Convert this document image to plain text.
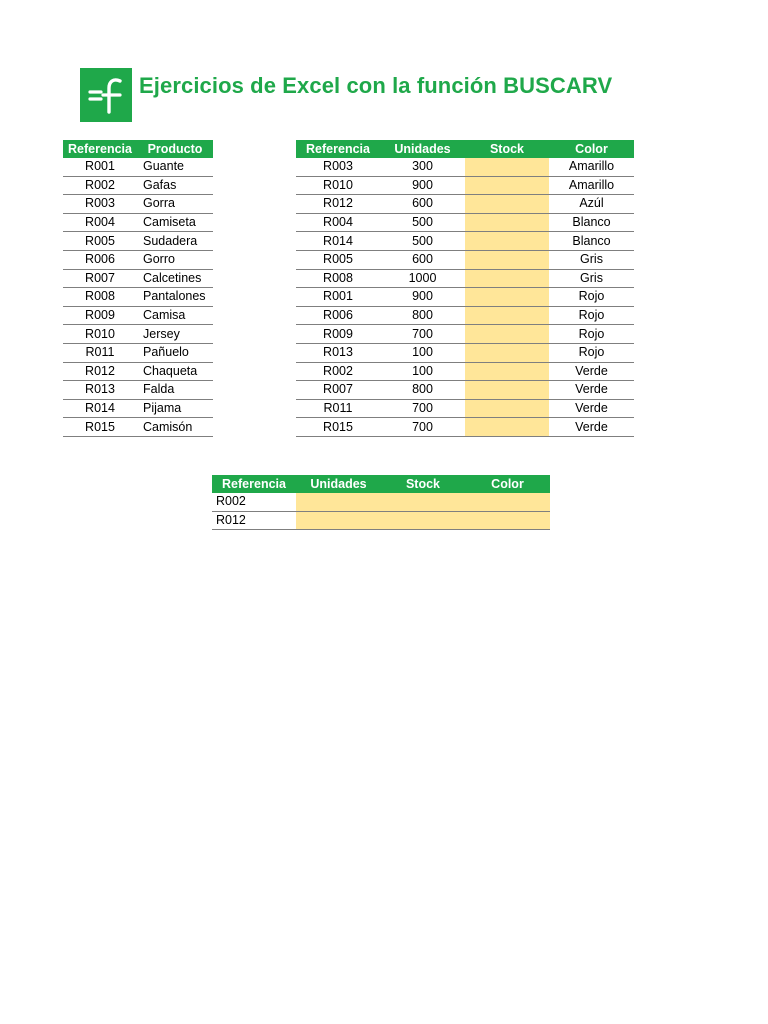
Ejercicios de Excel con la función BUSCARV
Referencia	Producto
R001	Guante
R002	Gafas
R003	Gorra
R004	Camiseta
R005	Sudadera
R006	Gorro
R007	Calcetines
R008	Pantalones
R009	Camisa
R010	Jersey
R011	Pañuelo
R012	Chaqueta
R013	Falda
R014	Pijama
R015	Camisón
Referencia	Unidades	Stock	Color
R003	300		Amarillo
R010	900		Amarillo
R012	600		Azúl
R004	500		Blanco
R014	500		Blanco
R005	600		Gris
R008	1000		Gris
R001	900		Rojo
R006	800		Rojo
R009	700		Rojo
R013	100		Rojo
R002	100		Verde
R007	800		Verde
R011	700		Verde
R015	700		Verde
Referencia	Unidades	Stock	Color
R002			
R012			
